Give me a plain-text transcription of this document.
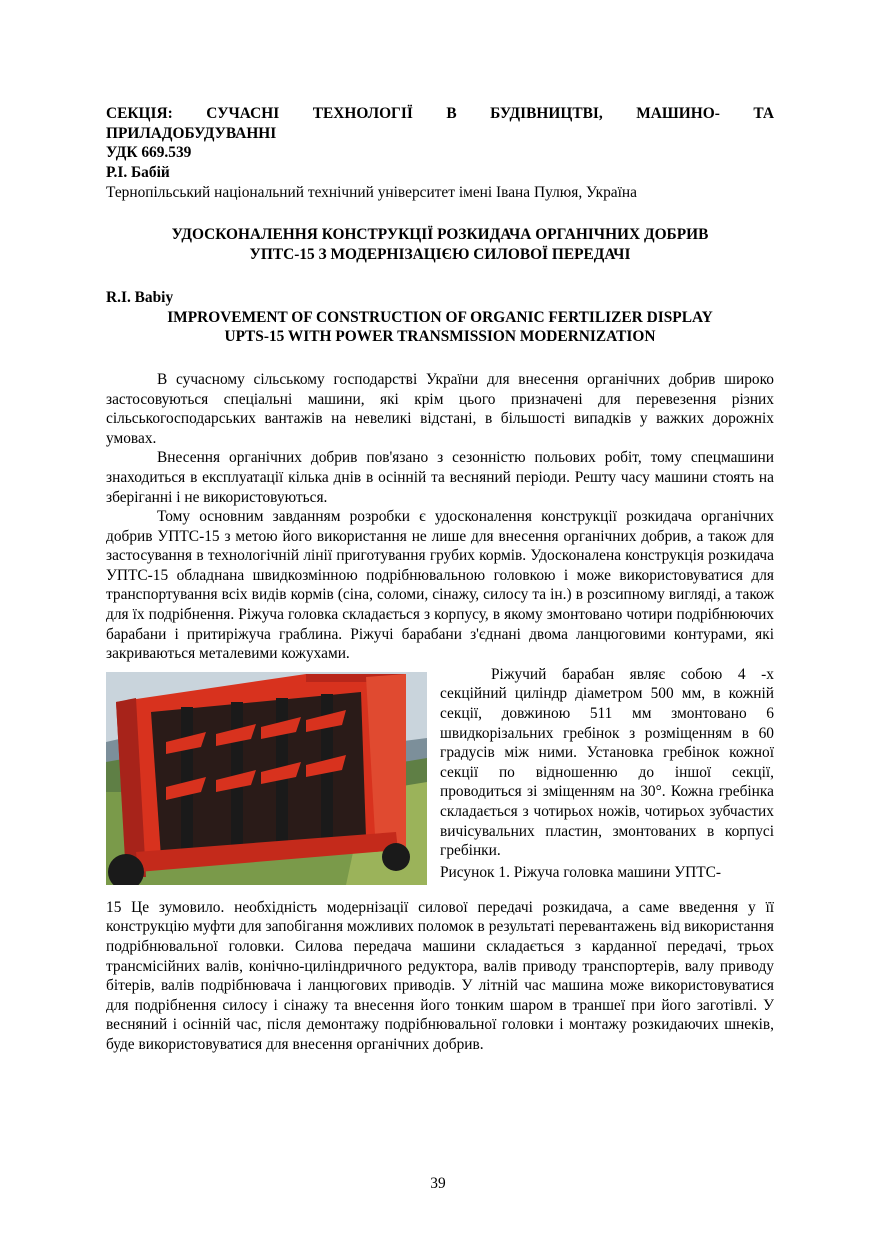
СЕКЦІЯ: СУЧАСНІ ТЕХНОЛОГІЇ В БУДІВНИЦТВІ, МАШИНО- ТА
ПРИЛАДОБУДУВАННІ
УДК 669.539
Р.І. Бабій
Тернопільський національний технічний університет імені Івана Пулюя, Україна
УДОСКОНАЛЕННЯ КОНСТРУКЦІЇ РОЗКИДАЧА ОРГАНІЧНИХ ДОБРИВ
УПТС-15 З МОДЕРНІЗАЦІЄЮ СИЛОВОЇ ПЕРЕДАЧІ
R.I. Babiy
IMPROVEMENT OF CONSTRUCTION OF ORGANIC FERTILIZER DISPLAY
UPTS-15 WITH POWER TRANSMISSION MODERNIZATION

В сучасному сільському господарстві України для внесення органічних добрив широко застосовуються спеціальні машини, які крім цього призначені для перевезення різних сільськогосподарських вантажів на невеликі відстані, в більшості випадків у важких дорожніх умовах.

Внесення органічних добрив пов'язано з сезонністю польових робіт, тому спецмашини знаходиться в експлуатації кілька днів в осінній та весняний періоди. Решту часу машини стоять на зберіганні і не використовуються.

Тому основним завданням розробки є удосконалення конструкції розкидача органічних добрив УПТС-15 з метою його використання не лише для внесення органічних добрив, а також для застосування в технологічній лінії приготування грубих кормів. Удосконалена конструкція розкидача УПТС-15 обладнана швидкозмінною подрібнювальною головкою і може використовуватися для транспортування всіх видів кормів (сіна, соломи, сінажу, силосу та ін.) в розсипному вигляді, а також для їх подрібнення. Ріжуча головка складається з корпусу, в якому змонтовано чотири подрібнюючих барабани і притиріжуча граблина. Ріжучі барабани з'єднані двома ланцюговими контурами, які закриваються металевими кожухами.

Ріжучий барабан являє собою 4 -х секційний циліндр діаметром 500 мм, в кожній секції, довжиною 511 мм змонтовано 6 швидкорізальних гребінок з розміщенням в 60 градусів між ними. Установка гребінок кожної секції по відношенню до іншої секції, проводиться зі зміщенням на 30°. Кожна гребінка складається з чотирьох ножів, чотирьох зубчастих вичісувальних пластин, змонтованих в корпусі гребінки.
Рисунок 1. Ріжуча головка машини УПТС-
15 Це зумовило. необхідність модернізації силової передачі розкидача, а саме введення у її конструкцію муфти для запобігання можливих поломок в результаті перевантажень від використання подрібнювальної головки. Силова передача машини складається з карданної передачі, трьох трансмісійних валів, конічно-циліндричного редуктора, валів приводу транспортерів, валу приводу бітерів, валів подрібнювача і ланцюгових приводів. У літній час машина може використовуватися для подрібнення силосу і сінажу та внесення його тонким шаром в траншеї при його заготівлі. У весняний і осінній час, після демонтажу подрібнювальної головки і монтажу розкидаючих шнеків, буде використовуватися для внесення органічних добрив.
39
